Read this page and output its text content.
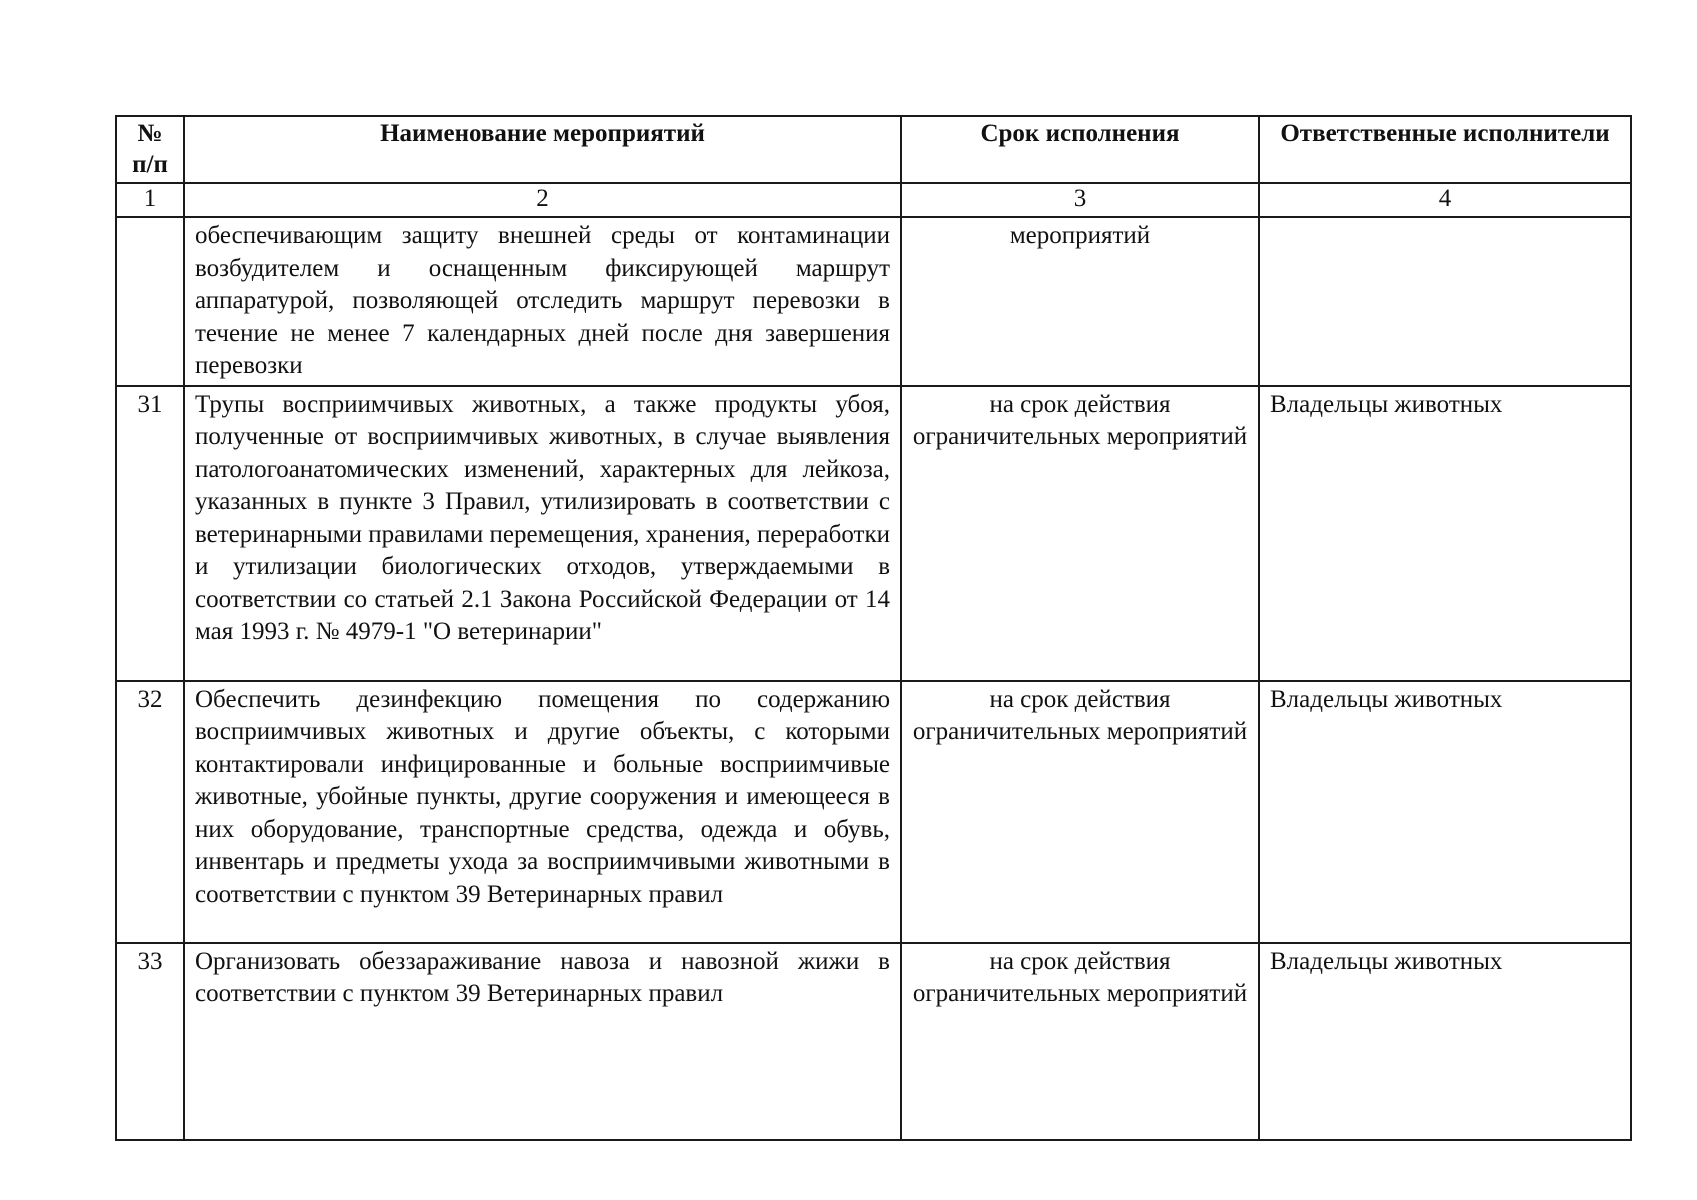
№ п/п	Наименование мероприятий	Срок исполнения	Ответственные исполнители
1	2	3	4
	обеспечивающим защиту внешней среды от контаминации возбудителем и оснащенным фиксирующей маршрут аппаратурой, позволяющей отследить маршрут перевозки в течение не менее 7 календарных дней после дня завершения перевозки	мероприятий	
31	Трупы восприимчивых животных, а также продукты убоя, полученные от восприимчивых животных, в случае выявления патологоанатомических изменений, характерных для лейкоза, указанных в пункте 3 Правил, утилизировать в соответствии с ветеринарными правилами перемещения, хранения, переработки и утилизации биологических отходов, утверждаемыми в соответствии со статьей 2.1 Закона Российской Федерации от 14 мая 1993 г. № 4979-1 "О ветеринарии"	на срок действия ограничительных мероприятий	Владельцы животных
32	Обеспечить дезинфекцию помещения по содержанию восприимчивых животных и другие объекты, с которыми контактировали инфицированные и больные восприимчивые животные, убойные пункты, другие сооружения и имеющееся в них оборудование, транспортные средства, одежда и обувь, инвентарь и предметы ухода за восприимчивыми животными в соответствии с пунктом 39 Ветеринарных правил	на срок действия ограничительных мероприятий	Владельцы животных
33	Организовать обеззараживание навоза и навозной жижи в соответствии с пунктом 39 Ветеринарных правил	на срок действия ограничительных мероприятий	Владельцы животных
